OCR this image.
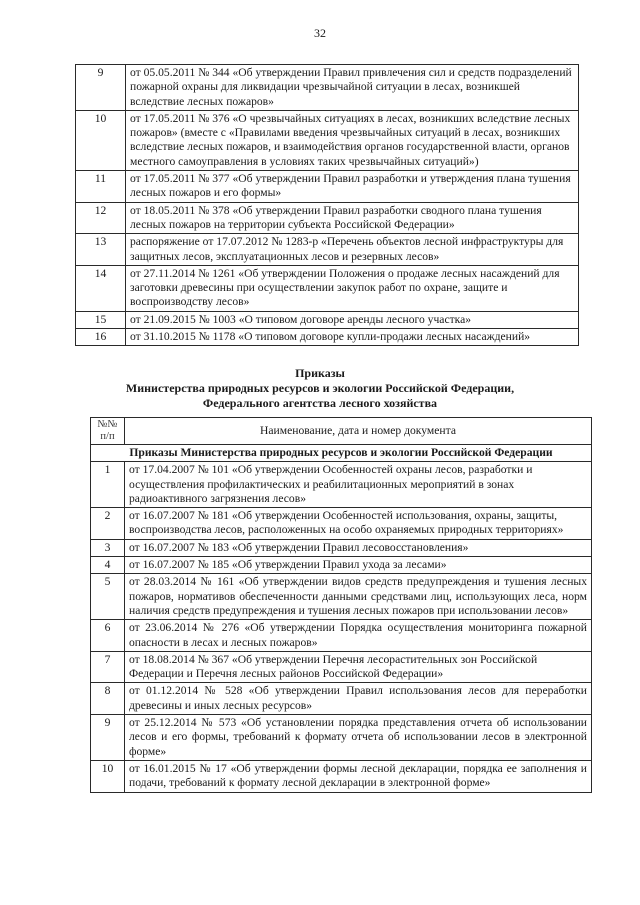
32
9	от 05.05.2011 № 344 «Об утверждении Правил привлечения сил и средств подразделений пожарной охраны для ликвидации чрезвычайной ситуации в лесах, возникшей вследствие лесных пожаров»
10	от 17.05.2011 № 376 «О чрезвычайных ситуациях в лесах, возникших вследствие лесных пожаров» (вместе с «Правилами введения чрезвычайных ситуаций в лесах, возникших вследствие лесных пожаров, и взаимодействия органов государственной власти, органов местного самоуправления в условиях таких чрезвычайных ситуаций»)
11	от 17.05.2011 № 377 «Об утверждении Правил разработки и утверждения плана тушения лесных пожаров и его формы»
12	от 18.05.2011 № 378 «Об утверждении Правил разработки сводного плана тушения лесных пожаров на территории субъекта Российской Федерации»
13	распоряжение от 17.07.2012 № 1283-р «Перечень объектов лесной инфраструктуры для защитных лесов, эксплуатационных лесов и резервных лесов»
14	от 27.11.2014 № 1261 «Об утверждении Положения о продаже лесных насаждений для заготовки древесины при осуществлении закупок работ по охране, защите и воспроизводству лесов»
15	от 21.09.2015 № 1003 «О типовом договоре аренды лесного участка»
16	от 31.10.2015 № 1178 «О типовом договоре купли-продажи лесных насаждений»
Приказы
Министерства природных ресурсов и экологии Российской Федерации, Федерального агентства лесного хозяйства
№№ п/п	Наименование, дата и номер документа
Приказы Министерства природных ресурсов и экологии Российской Федерации	
1	от 17.04.2007 № 101 «Об утверждении Особенностей охраны лесов, разработки и осуществления профилактических и реабилитационных мероприятий в зонах радиоактивного загрязнения лесов»
2	от 16.07.2007 № 181 «Об утверждении Особенностей использования, охраны, защиты, воспроизводства лесов, расположенных на особо охраняемых природных территориях»
3	от 16.07.2007 № 183 «Об утверждении Правил лесовосстановления»
4	от 16.07.2007 № 185 «Об утверждении Правил ухода за лесами»
5	от 28.03.2014 № 161 «Об утверждении видов средств предупреждения и тушения лесных пожаров, нормативов обеспеченности данными средствами лиц, использующих леса, норм наличия средств предупреждения и тушения лесных пожаров при использовании лесов»
6	от 23.06.2014 № 276 «Об утверждении Порядка осуществления мониторинга пожарной опасности в лесах и лесных пожаров»
7	от 18.08.2014 № 367 «Об утверждении Перечня лесорастительных зон Российской Федерации и Перечня лесных районов Российской Федерации»
8	от 01.12.2014 № 528 «Об утверждении Правил использования лесов для переработки древесины и иных лесных ресурсов»
9	от 25.12.2014 № 573 «Об установлении порядка представления отчета об использовании лесов и его формы, требований к формату отчета об использовании лесов в электронной форме»
10	от 16.01.2015 № 17 «Об утверждении формы лесной декларации, порядка ее заполнения и подачи, требований к формату лесной декларации в электронной форме»
